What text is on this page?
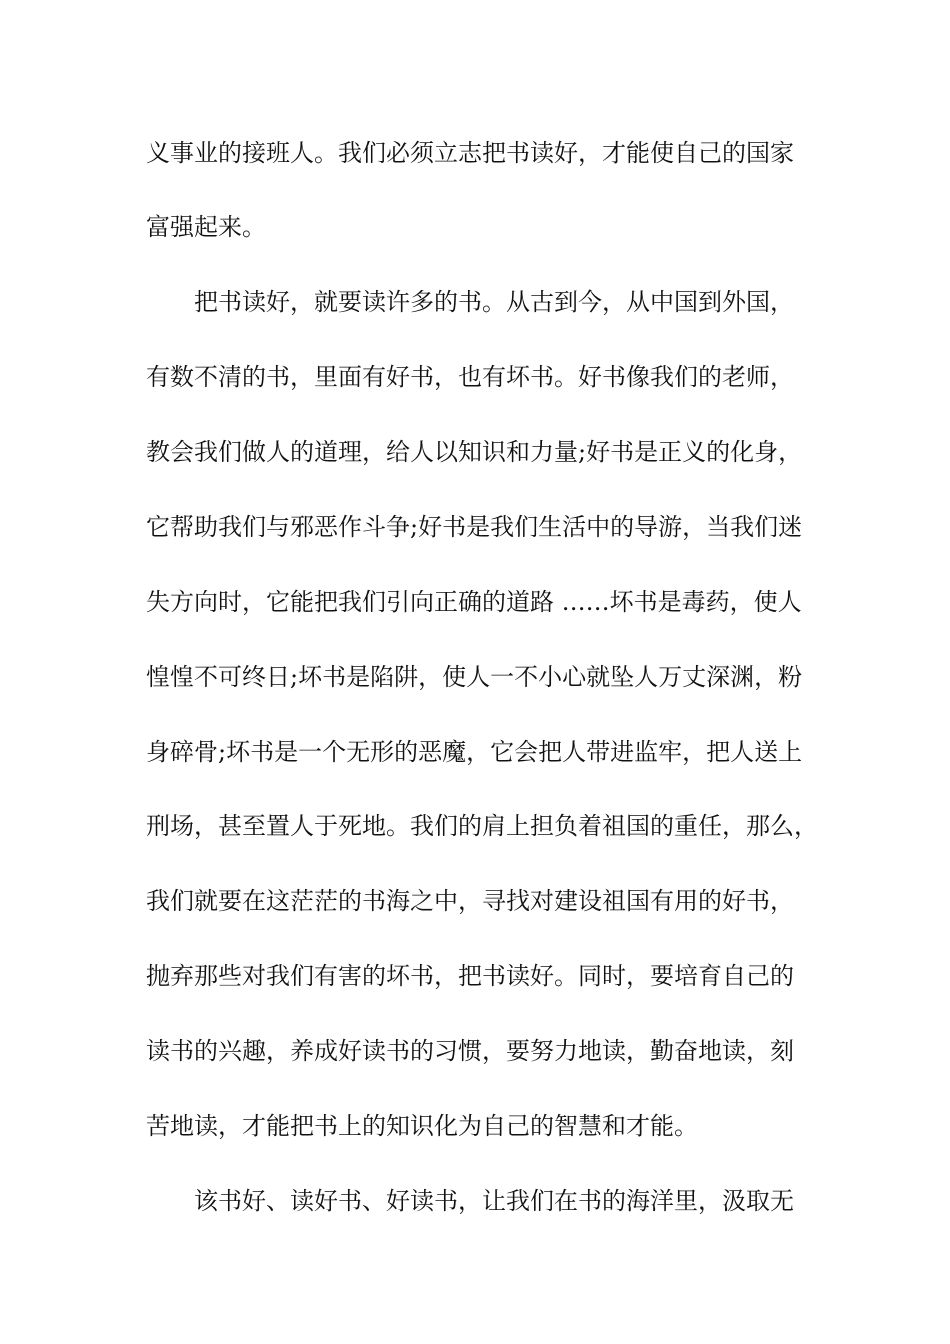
义事业的接班人。我们必须立志把书读好，才能使自己的国家
富强起来。
把书读好，就要读许多的书。从古到今，从中国到外国，
有数不清的书，里面有好书，也有坏书。好书像我们的老师，
教会我们做人的道理，给人以知识和力量;好书是正义的化身，
它帮助我们与邪恶作斗争;好书是我们生活中的导游，当我们迷
失方向时，它能把我们引向正确的道路 ……坏书是毒药，使人
惶惶不可终日;坏书是陷阱，使人一不小心就坠人万丈深渊，粉
身碎骨;坏书是一个无形的恶魔，它会把人带进监牢，把人送上
刑场，甚至置人于死地。我们的肩上担负着祖国的重任，那么，
我们就要在这茫茫的书海之中，寻找对建设祖国有用的好书，
抛弃那些对我们有害的坏书，把书读好。同时，要培育自己的
读书的兴趣，养成好读书的习惯，要努力地读，勤奋地读，刻
苦地读，才能把书上的知识化为自己的智慧和才能。
该书好、读好书、好读书，让我们在书的海洋里，汲取无
